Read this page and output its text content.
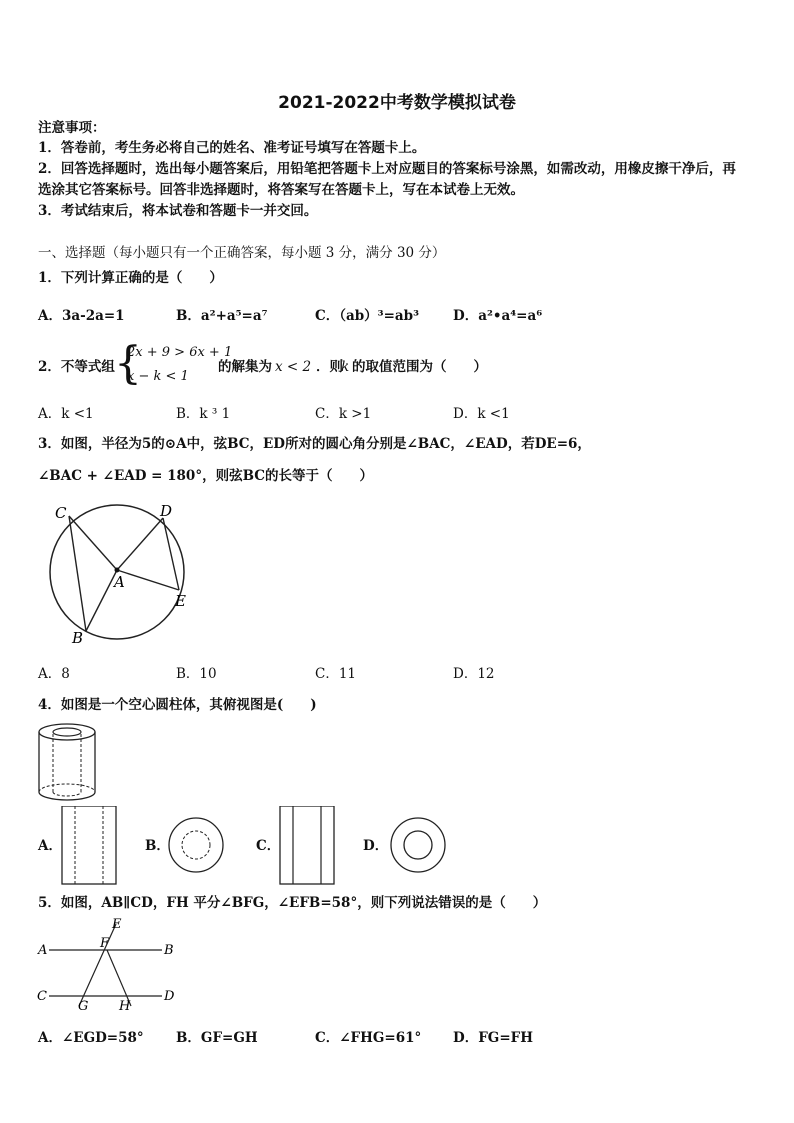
2021-2022中考数学模拟试卷
注意事项：
1．答卷前，考生务必将自己的姓名、准考证号填写在答题卡上。
2．回答选择题时，选出每小题答案后，用铅笔把答题卡上对应题目的答案标号涂黑，如需改动，用橡皮擦干净后，再
选涂其它答案标号。回答非选择题时，将答案写在答题卡上，写在本试卷上无效。
3．考试结束后，将本试卷和答题卡一并交回。
一、选择题（每小题只有一个正确答案，每小题 3 分，满分 30 分）
1．下列计算正确的是（　　）
A．3a-2a=1	B．a²+a⁵=a⁷	C．（ab）³=ab³	D．a²•a⁴=a⁶
2．不等式组 {
2x + 9 > 6x + 1
x − k < 1
的解集为 x < 2 ．则
k 的取值范围为（　　）
A．k <1	B．k ³ 1	C．k >1	D．k <1
3．如图，半径为5的⊙A中，弦BC，ED所对的圆心角分别是∠BAC，∠EAD，若DE=6，
∠BAC + ∠EAD = 180°，则弦BC的长等于（　　）
C	D
A
E
B
A．8	B．10	C．11	D．12
4．如图是一个空心圆柱体，其俯视图是(　　)
A．	B．	C．	D．
5．如图，AB∥CD，FH 平分∠BFG，∠EFB=58°，则下列说法错误的是（　　）
E
A	F	B
C
G H
D
A．∠EGD=58° B．GF=GH	C．∠FHG=61° D．FG=FH
